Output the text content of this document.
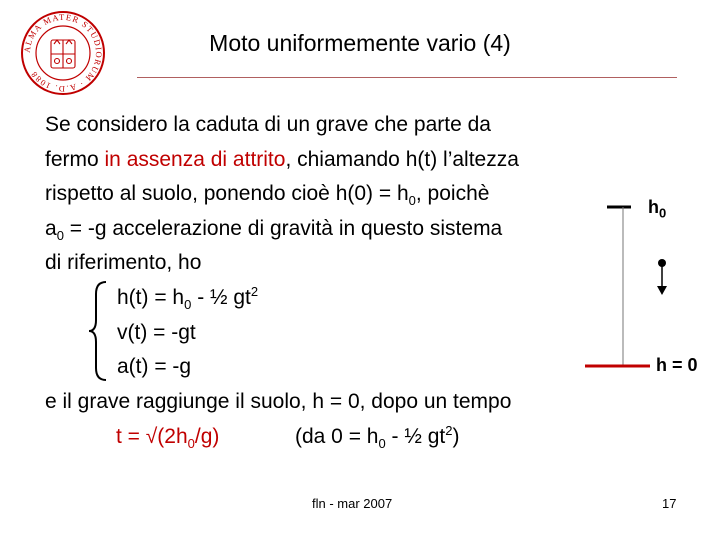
ALMA MATER STUDIORUM · A.D. 1088
Moto uniformemente vario (4)
Se considero la caduta di un grave che parte da
fermo in assenza di attrito, chiamando h(t) l’altezza
rispetto al suolo, ponendo cioè $h(0) = h_0$, poichè
$a_0 = -g$ accelerazione di gravità in questo sistema
di riferimento, ho
$h(t) = h_0$ - ½ $gt^2$
v(t) = -gt
a(t) = -g
e il grave raggiunge il suolo, h = 0, dopo un tempo
$t = √(2h_0/g)$	(da $0 = h_0$ - ½ $gt^2$)
$h_0$
h = 0
fln - mar 2007	17
